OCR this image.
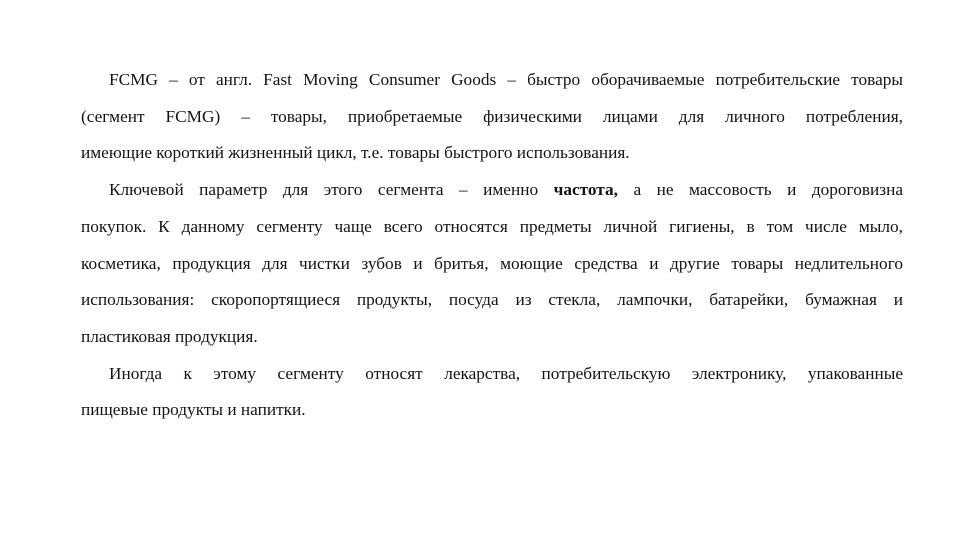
FCMG – от англ. Fast Moving Consumer Goods – быстро оборачиваемые потребительские товары
(сегмент FCMG) – товары, приобретаемые физическими лицами для личного потребления,
имеющие короткий жизненный цикл, т.е. товары быстрого использования.
Ключевой параметр для этого сегмента – именно частота, а не массовость и дороговизна
покупок. К данному сегменту чаще всего относятся предметы личной гигиены, в том числе мыло,
косметика, продукция для чистки зубов и бритья, моющие средства и другие товары недлительного
использования: скоропортящиеся продукты, посуда из стекла, лампочки, батарейки, бумажная и
пластиковая продукция.
Иногда к этому сегменту относят лекарства, потребительскую электронику, упакованные
пищевые продукты и напитки.
